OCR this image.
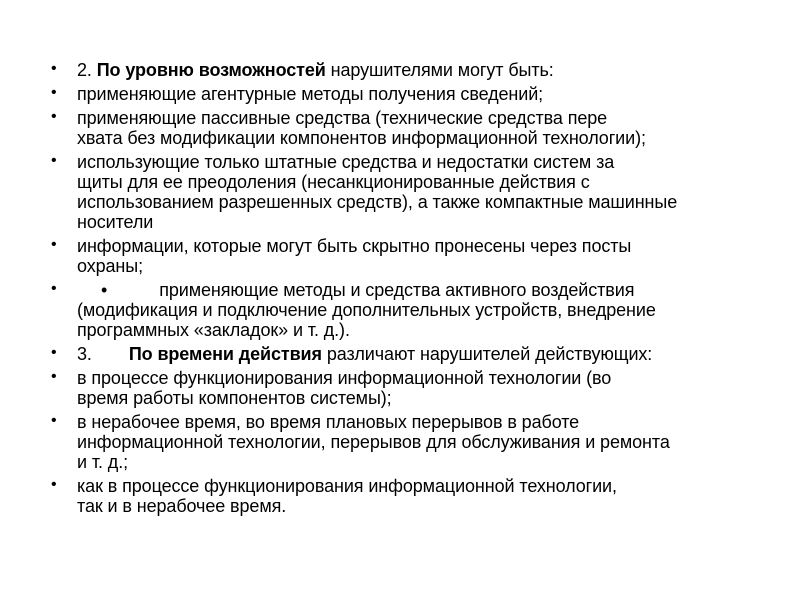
• 2. По уровню возможностей нарушителями могут быть:
• применяющие агентурные методы получения сведений;
• применяющие пассивные средства (технические средства пере
хвата без модификации компонентов информационной технологии);
• использующие только штатные средства и недостатки систем за
щиты для ее преодоления (несанкционированные действия с
использованием разрешенных средств), а также компактные машинные
носители
• информации, которые могут быть скрытно пронесены через посты
охраны;
•	•	применяющие методы и средства активного воздействия
(модификация и подключение дополнительных устройств, внедрение
программных «закладок» и т. д.).
• 3. По времени действия различают нарушителей действующих:
• в процессе функционирования информационной технологии (во
время работы компонентов системы);
• в нерабочее время, во время плановых перерывов в работе
информационной технологии, перерывов для обслуживания и ремонта
и т. д.;
• как в процессе функционирования информационной технологии,
так и в нерабочее время.
